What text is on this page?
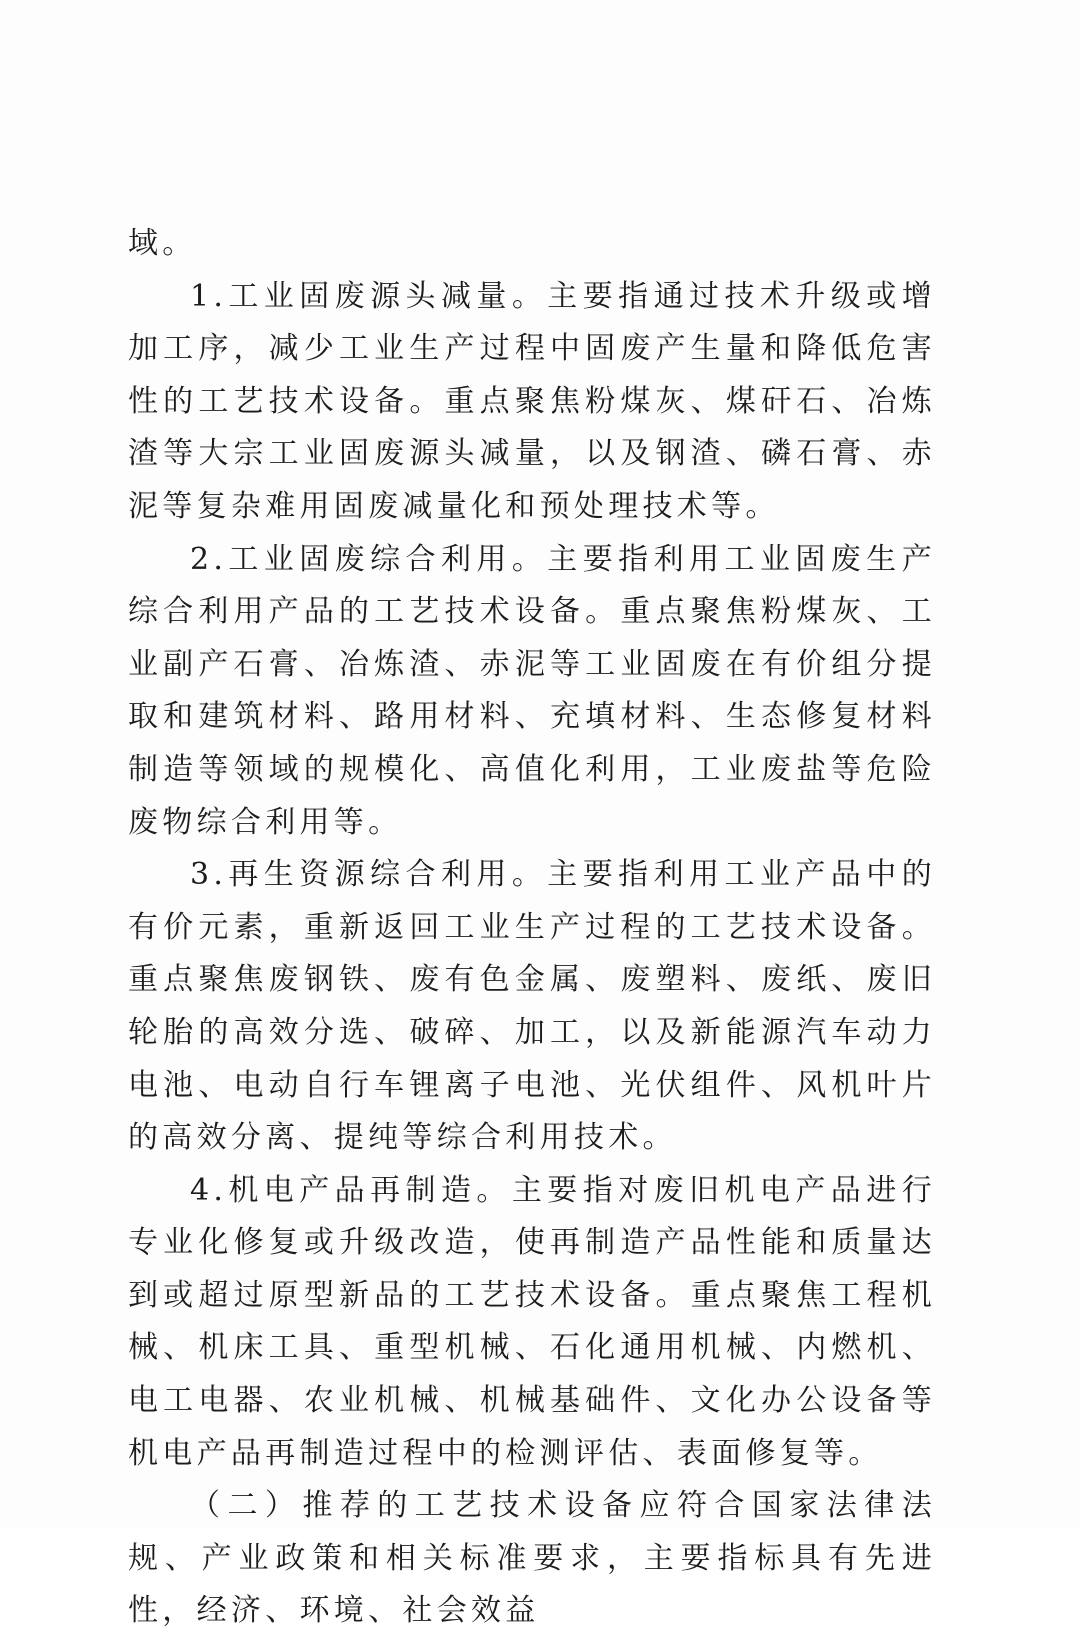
域。

1.工业固废源头减量。主要指通过技术升级或增加工序，减少工业生产过程中固废产生量和降低危害性的工艺技术设备。重点聚焦粉煤灰、煤矸石、冶炼渣等大宗工业固废源头减量，以及钢渣、磷石膏、赤泥等复杂难用固废减量化和预处理技术等。

2.工业固废综合利用。主要指利用工业固废生产综合利用产品的工艺技术设备。重点聚焦粉煤灰、工业副产石膏、冶炼渣、赤泥等工业固废在有价组分提取和建筑材料、路用材料、充填材料、生态修复材料制造等领域的规模化、高值化利用，工业废盐等危险废物综合利用等。

3.再生资源综合利用。主要指利用工业产品中的有价元素，重新返回工业生产过程的工艺技术设备。重点聚焦废钢铁、废有色金属、废塑料、废纸、废旧轮胎的高效分选、破碎、加工，以及新能源汽车动力电池、电动自行车锂离子电池、光伏组件、风机叶片的高效分离、提纯等综合利用技术。

4.机电产品再制造。主要指对废旧机电产品进行专业化修复或升级改造，使再制造产品性能和质量达到或超过原型新品的工艺技术设备。重点聚焦工程机械、机床工具、重型机械、石化通用机械、内燃机、电工电器、农业机械、机械基础件、文化办公设备等机电产品再制造过程中的检测评估、表面修复等。

（二）推荐的工艺技术设备应符合国家法律法规、产业政策和相关标准要求，主要指标具有先进性，经济、环境、社会效益
